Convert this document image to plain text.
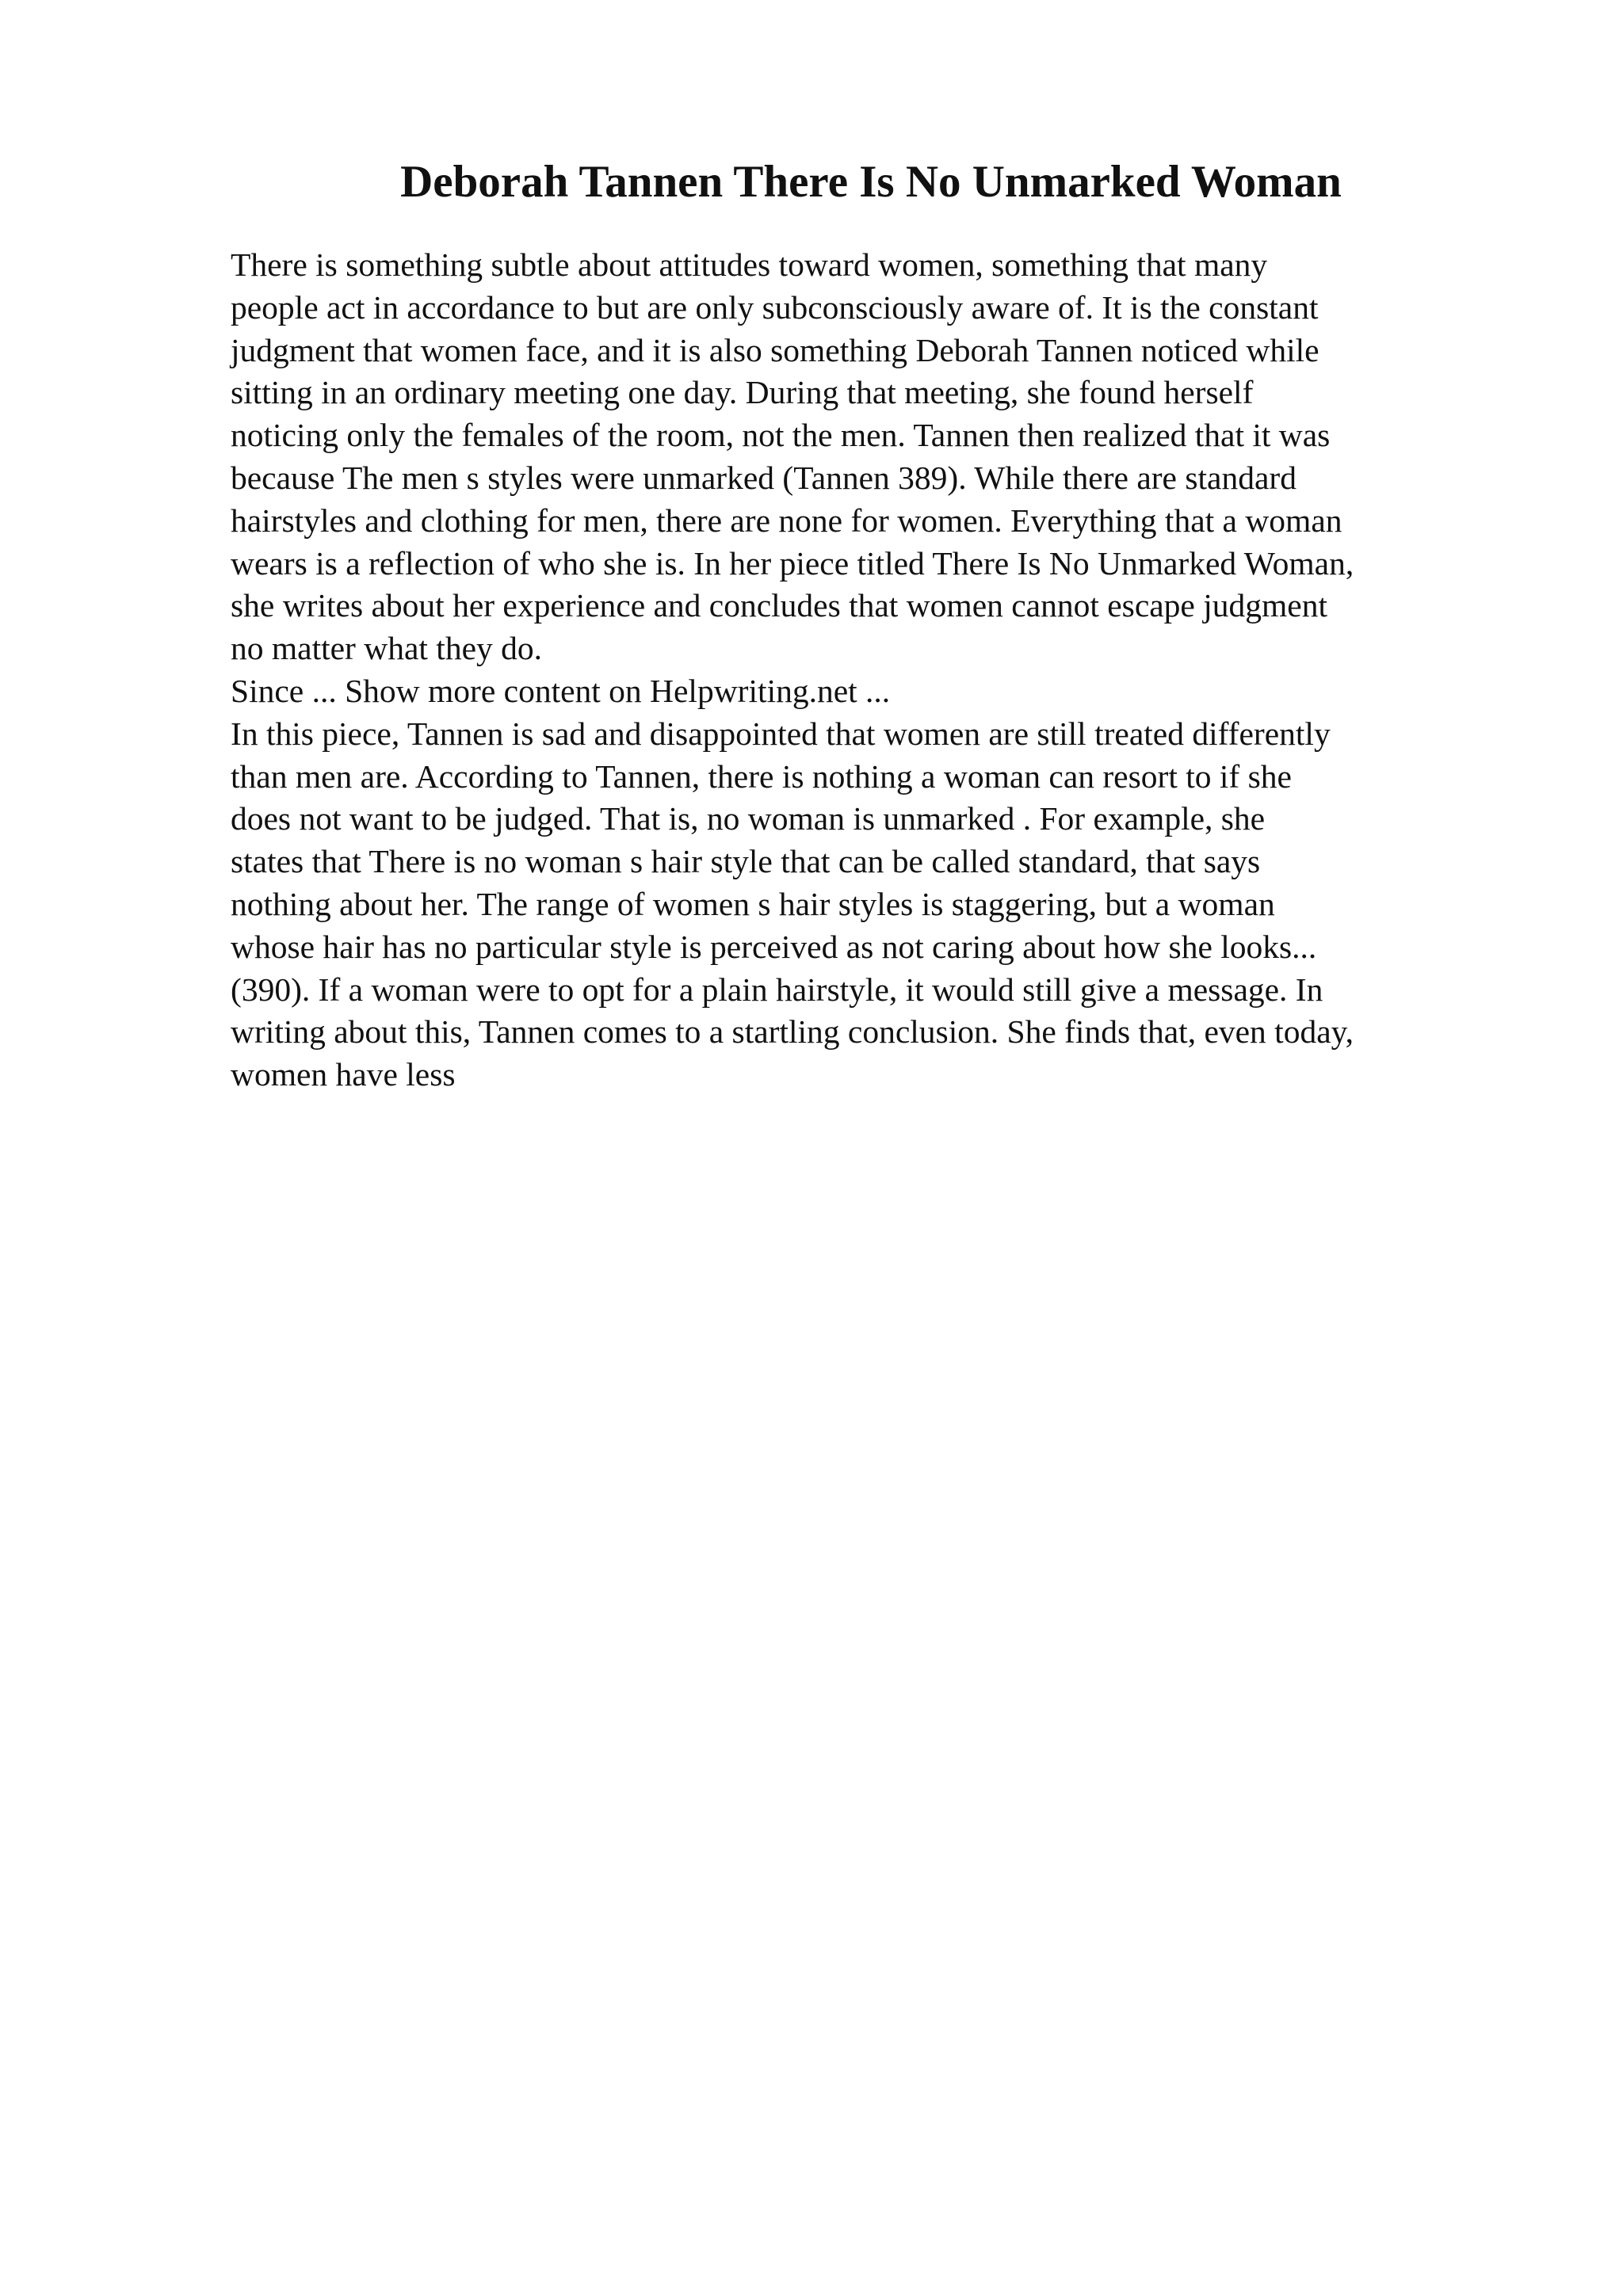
Deborah Tannen There Is No Unmarked Woman
There is something subtle about attitudes toward women, something that many
people act in accordance to but are only subconsciously aware of. It is the constant
judgment that women face, and it is also something Deborah Tannen noticed while
sitting in an ordinary meeting one day. During that meeting, she found herself
noticing only the females of the room, not the men. Tannen then realized that it was
because The men s styles were unmarked (Tannen 389). While there are standard
hairstyles and clothing for men, there are none for women. Everything that a woman
wears is a reflection of who she is. In her piece titled There Is No Unmarked Woman,
she writes about her experience and concludes that women cannot escape judgment
no matter what they do.
Since ... Show more content on Helpwriting.net ...
In this piece, Tannen is sad and disappointed that women are still treated differently
than men are. According to Tannen, there is nothing a woman can resort to if she
does not want to be judged. That is, no woman is unmarked . For example, she
states that There is no woman s hair style that can be called standard, that says
nothing about her. The range of women s hair styles is staggering, but a woman
whose hair has no particular style is perceived as not caring about how she looks...
(390). If a woman were to opt for a plain hairstyle, it would still give a message. In
writing about this, Tannen comes to a startling conclusion. She finds that, even today,
women have less
